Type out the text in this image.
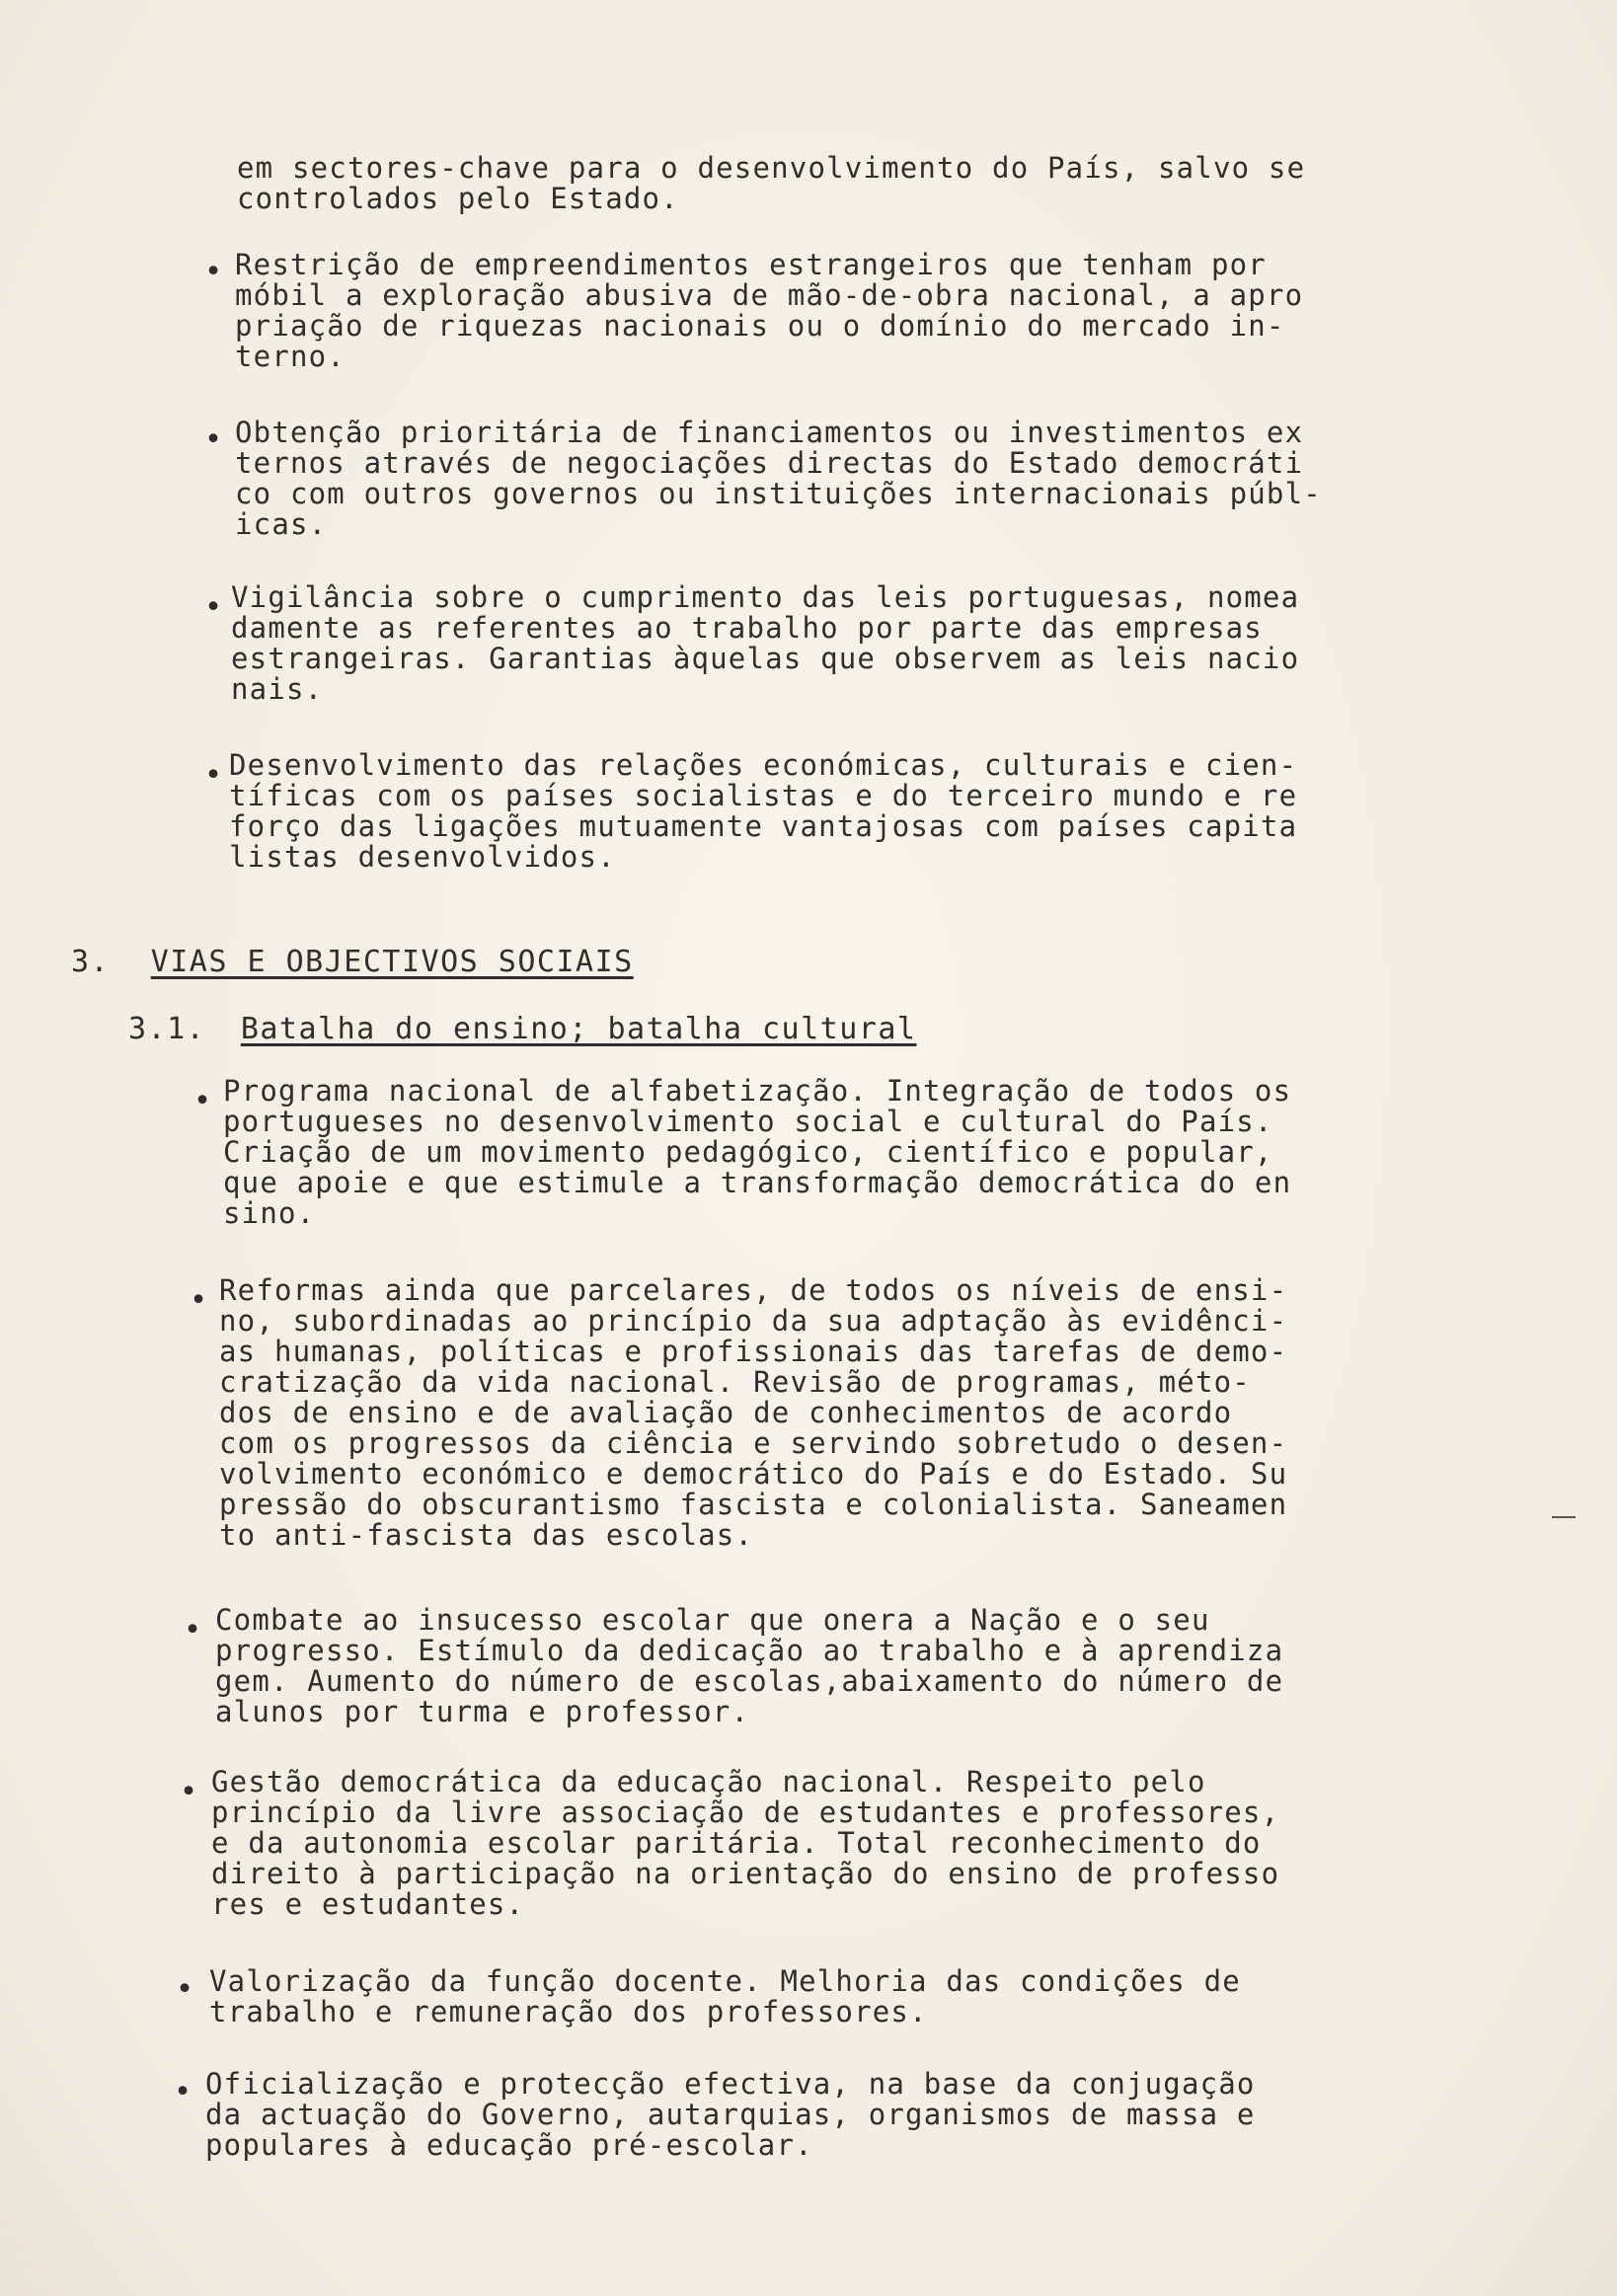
em sectores-chave para o desenvolvimento do País, salvo se
controlados pelo Estado.

• Restrição de empreendimentos estrangeiros que tenham por
móbil a exploração abusiva de mão-de-obra nacional, a apro
priação de riquezas nacionais ou o domínio do mercado in-
terno.

• Obtenção prioritária de financiamentos ou investimentos ex
ternos através de negociações directas do Estado democráti
co com outros governos ou instituições internacionais públ-
icas.

• Vigilância sobre o cumprimento das leis portuguesas, nomea
damente as referentes ao trabalho por parte das empresas
estrangeiras. Garantias àquelas que observem as leis nacio
nais.

• Desenvolvimento das relações económicas, culturais e cien-
tíficas com os países socialistas e do terceiro mundo e re
forço das ligações mutuamente vantajosas com países capita
listas desenvolvidos.

3. VIAS E OBJECTIVOS SOCIAIS
3.1. Batalha do ensino; batalha cultural
• Programa nacional de alfabetização. Integração de todos os
portugueses no desenvolvimento social e cultural do País.
Criação de um movimento pedagógico, científico e popular,
que apoie e que estimule a transformação democrática do en
sino.

• Reformas ainda que parcelares, de todos os níveis de ensi-
no, subordinadas ao princípio da sua adptação às evidênci-
as humanas, políticas e profissionais das tarefas de demo-
cratização da vida nacional. Revisão de programas, méto-
dos de ensino e de avaliação de conhecimentos de acordo
com os progressos da ciência e servindo sobretudo o desen-
volvimento económico e democrático do País e do Estado. Su
pressão do obscurantismo fascista e colonialista. Saneamen
to anti-fascista das escolas.

• Combate ao insucesso escolar que onera a Nação e o seu
progresso. Estímulo da dedicação ao trabalho e à aprendiza
gem. Aumento do número de escolas,abaixamento do número de
alunos por turma e professor.

• Gestão democrática da educação nacional. Respeito pelo
princípio da livre associação de estudantes e professores,
e da autonomia escolar paritária. Total reconhecimento do
direito à participação na orientação do ensino de professo
res e estudantes.

• Valorização da função docente. Melhoria das condições de
trabalho e remuneração dos professores.

• Oficialização e protecção efectiva, na base da conjugação
da actuação do Governo, autarquias, organismos de massa e
populares à educação pré-escolar.
